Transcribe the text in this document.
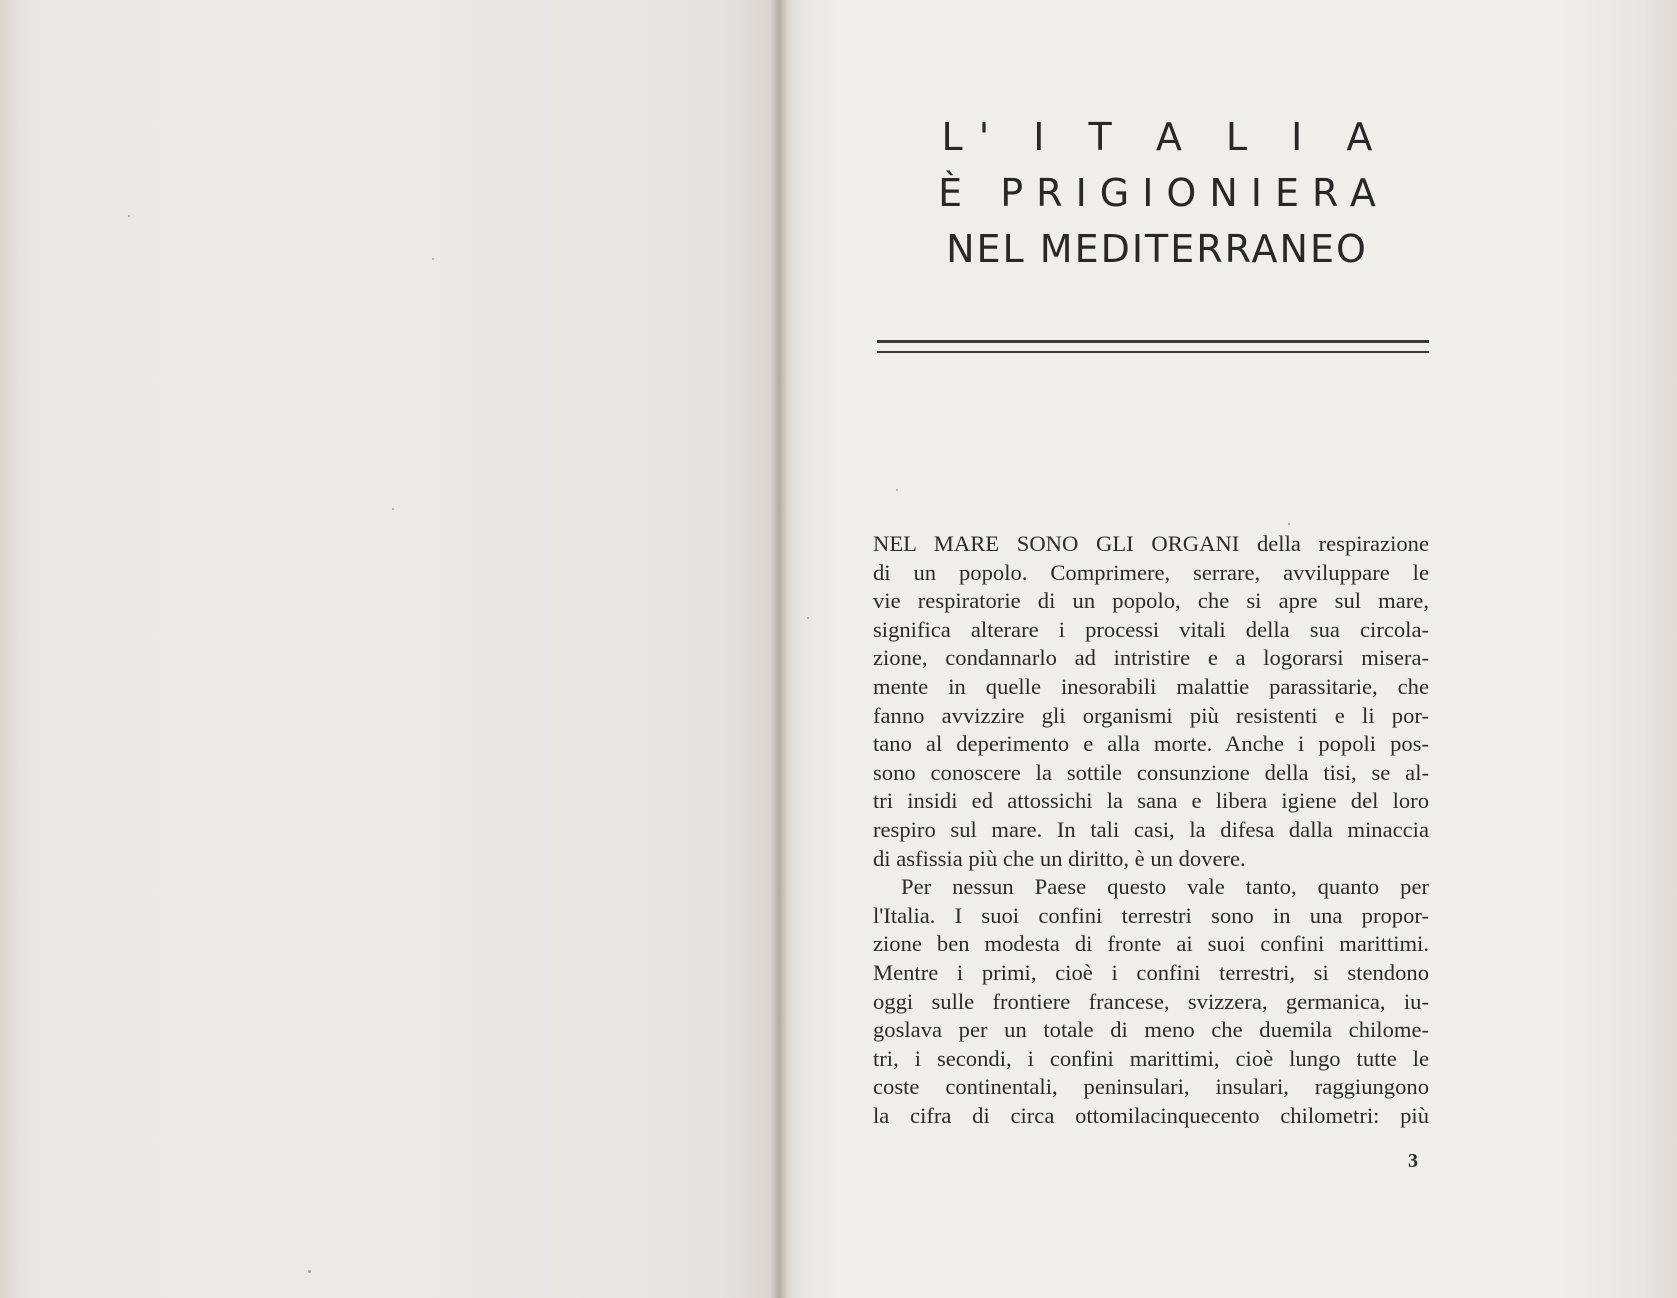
L' I T A L I A
È PRIGIONIERA
NEL MEDITERRANEO

NEL MARE SONO GLI ORGANI della respirazione

di un popolo. Comprimere, serrare, avviluppare le

vie respiratorie di un popolo, che si apre sul mare,

significa alterare i processi vitali della sua circola-

zione, condannarlo ad intristire e a logorarsi misera-

mente in quelle inesorabili malattie parassitarie, che

fanno avvizzire gli organismi più resistenti e li por-

tano al deperimento e alla morte. Anche i popoli pos-

sono conoscere la sottile consunzione della tisi, se al-

tri insidi ed attossichi la sana e libera igiene del loro

respiro sul mare. In tali casi, la difesa dalla minaccia

di asfissia più che un diritto, è un dovere.

Per nessun Paese questo vale tanto, quanto per

l'Italia. I suoi confini terrestri sono in una propor-

zione ben modesta di fronte ai suoi confini marittimi.

Mentre i primi, cioè i confini terrestri, si stendono

oggi sulle frontiere francese, svizzera, germanica, iu-

goslava per un totale di meno che duemila chilome-

tri, i secondi, i confini marittimi, cioè lungo tutte le

coste continentali, peninsulari, insulari, raggiungono

la cifra di circa ottomilacinquecento chilometri: più

3
